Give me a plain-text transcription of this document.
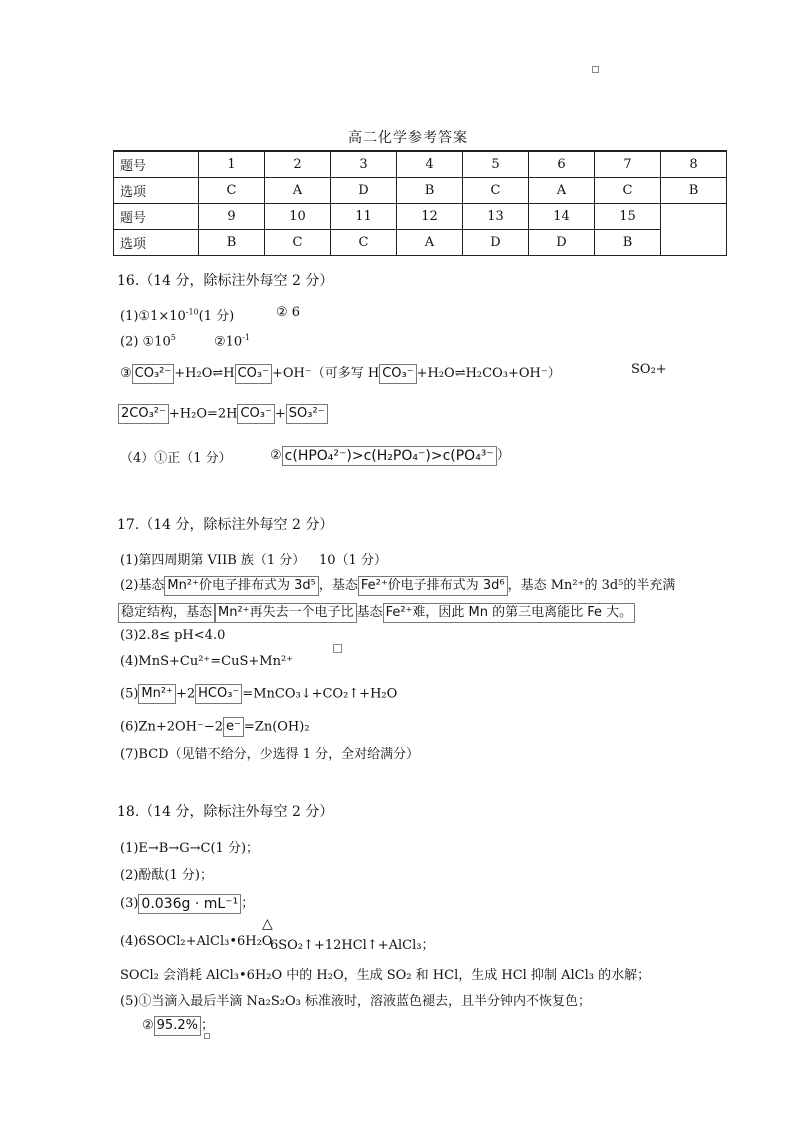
高二化学参考答案
题号	1	2	3	4	5	6	7	8
选项	C	A	D	B	C	A	C	B
题号	9	10	11	12	13	14	15	
选项	B	C	C	A	D	D	B	
16.（14 分，除标注外每空 2 分）
$(1)①1\times 10^{-10}(1$ 分)	② 6
(2) $①10^5$	$②10^{-1}$
③ CO₃²⁻ +H₂O⇌H CO₃⁻ +OH⁻（可多写 H CO₃⁻ +H₂O⇌H₂CO₃+OH⁻）	SO₂+
2CO₃²⁻ +H₂O=2H CO₃⁻ + SO₃²⁻
（4）①正（1 分）	② c(HPO₄²⁻)>c(H₂PO₄⁻)>c(PO₄³⁻ ）
17.（14 分，除标注外每空 2 分）
(1)第四周期第 VIIB 族（1 分） 10（1 分）
(2)基态 Mn²⁺价电子排布式为 3d⁵ ，基态 Fe²⁺价电子排布式为 3d⁶ ，基态 Mn²⁺的 3d⁵的半充满
稳定结构，基态 Mn²⁺再失去一个电子比 基态 Fe²⁺难，因此 Mn 的第三电离能比 Fe 大。
(3)2.8≤ pH<4.0
(4)MnS+Cu²⁺=CuS+Mn²⁺
(5) Mn²⁺ +2 HCO₃⁻ =MnCO₃↓+CO₂↑+H₂O
(6)Zn+2OH⁻−2 e⁻ =Zn(OH)₂
(7)BCD（见错不给分，少选得 1 分，全对给满分）
18.（14 分，除标注外每空 2 分）
(1)E→B→G→C(1 分)；
(2)酚酞(1 分)；
(3) 0.036g · mL⁻¹ ；
△
(4)6SOCl₂+AlCl₃•6H₂O
6SO₂↑+12HCl↑+AlCl₃；
SOCl₂ 会消耗 AlCl₃•6H₂O 中的 H₂O，生成 SO₂ 和 HCl，生成 HCl 抑制 AlCl₃ 的水解；
(5)①当滴入最后半滴 Na₂S₂O₃ 标准液时，溶液蓝色褪去，且半分钟内不恢复色；
② 95.2% ；
